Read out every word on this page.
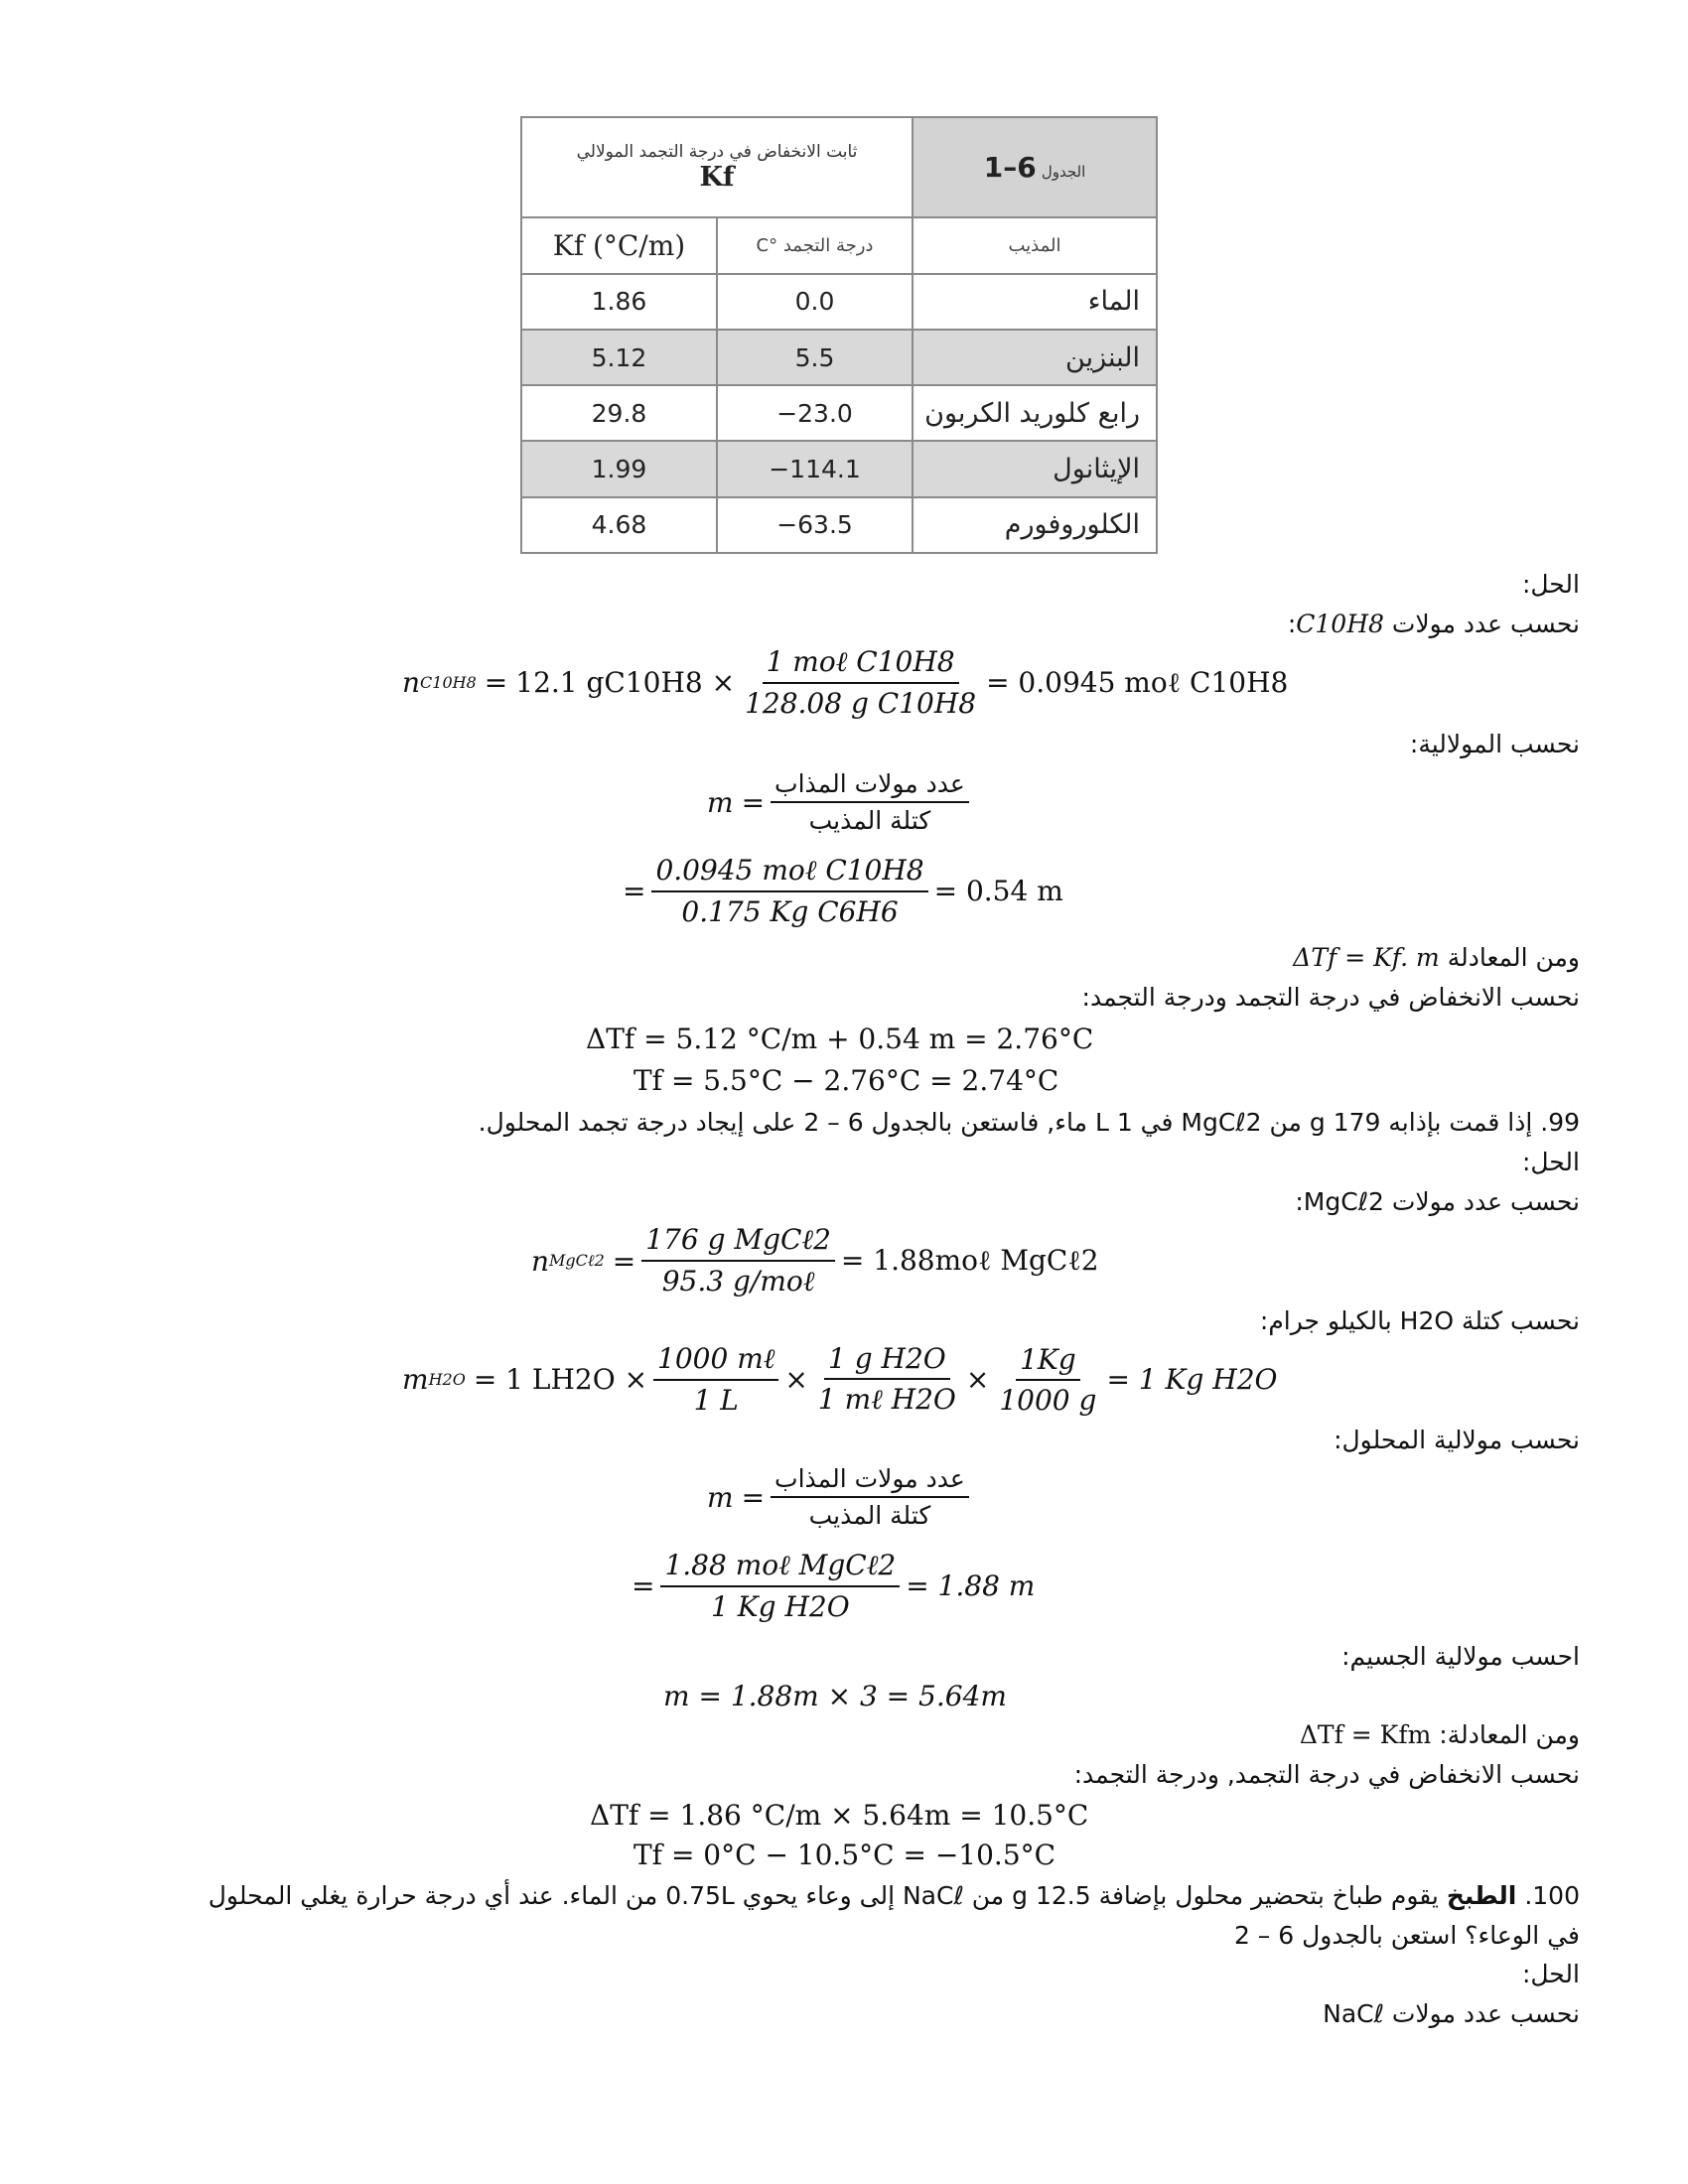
ثابت الانخفاض في درجة التجمد المولالي
Kf		1–6 الجدول
Kf (°C/m)	درجة التجمد °C	المذيب
1.86	0.0	الماء
5.12	5.5	البنزين
29.8	−23.0	رابع كلوريد الكربون
1.99	−114.1	الإيثانول
4.68	−63.5	الكلوروفورم
الحل:
نحسب عدد مولات C10H8:
n C10H8 = 12.1 $gC10H8 \times \frac{\text{1 moℓ C10H8}}{\text{128.08 g C10H8}} = 0.0945$ moℓ C10H8
نحسب المولالية:
$m = \frac{\text{عدد مولات المذاب}}{\text{كتلة المذيب}}$
= $\frac{\text{0.0945 moℓ C10H8}}{\text{0.175 Kg C6H6}} = 0.54$ m
ومن المعادلة ΔTf = Kf. m
نحسب الانخفاض في درجة التجمد ودرجة التجمد:
ΔTf = 5.12 °C/m + 0.54 m = 2.76°C
Tf = 5.5°C − 2.76°C = 2.74°C
99. إذا قمت بإذابه 179 g من MgCℓ2 في 1 L ماء, فاستعن بالجدول 6 – 2 على إيجاد درجة تجمد المحلول.
الحل:
نحسب عدد مولات MgCℓ2:
n MgCℓ2 = $\frac{\text{176 g MgCℓ2}}{\text{95.3 g/moℓ}}$ = 1.88moℓ MgCℓ2
نحسب كتلة H2O بالكيلو جرام:
m H2O = 1 $LH2O \times \frac{\text{1000 mℓ}}{1 L} \times \frac{\text{1 g H2O}}{\text{1 mℓ H2O}} \times \frac{1Kg}{1000 g} = 1$ Kg H2O
نحسب مولالية المحلول:
$m = \frac{\text{عدد مولات المذاب}}{\text{كتلة المذيب}}$
= $\frac{\text{1.88 moℓ MgCℓ2}}{\text{1 Kg H2O}} = 1.88$ m
احسب مولالية الجسيم:
m = 1.88m × 3 = 5.64m
ومن المعادلة: ΔTf = Kfm
نحسب الانخفاض في درجة التجمد, ودرجة التجمد:
ΔTf = 1.86 °C/m × 5.64m = 10.5°C
Tf = 0°C − 10.5°C = −10.5°C
100. الطبخ يقوم طباخ بتحضير محلول بإضافة 12.5 g من NaCℓ إلى وعاء يحوي 0.75L من الماء. عند أي درجة حرارة يغلي المحلول
في الوعاء؟ استعن بالجدول 6 – 2
الحل:
نحسب عدد مولات NaCℓ
